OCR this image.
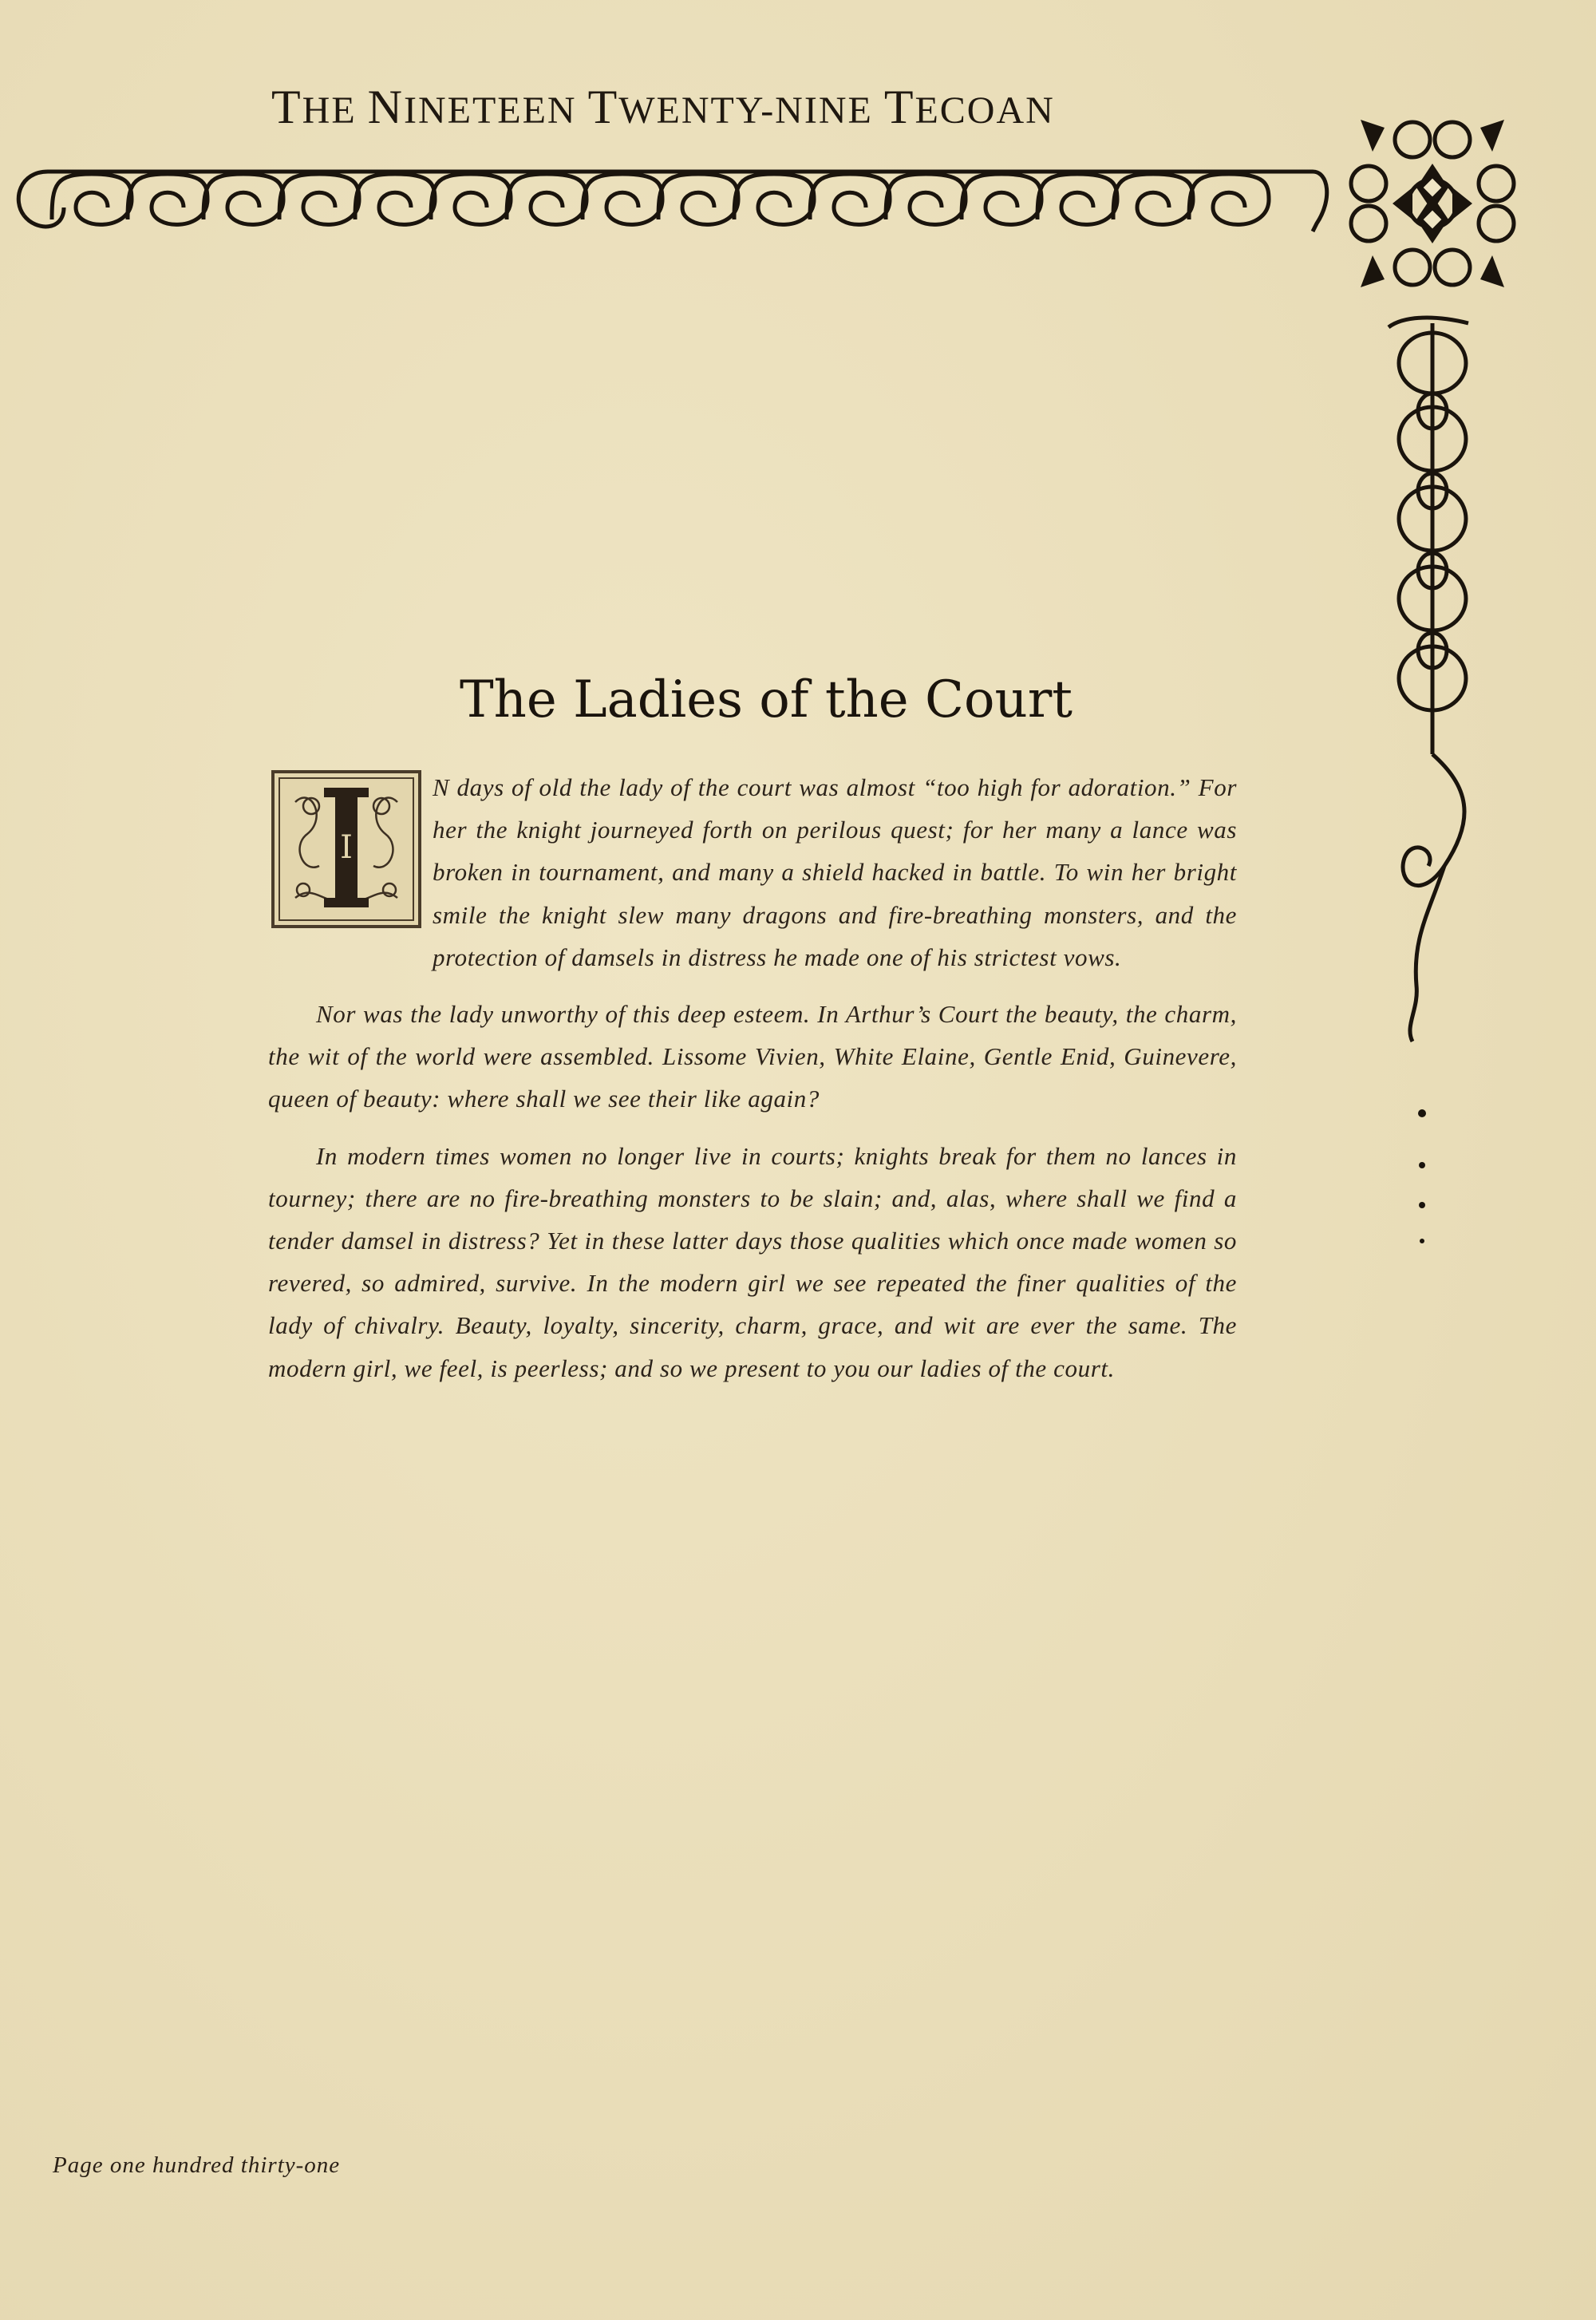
THE NINETEEN TWENTY-NINE TECOAN
The Ladies of the Court

N days of old the lady of the court was almost “too high for adoration.” For her the knight journeyed forth on perilous quest; for her many a lance was broken in tournament, and many a shield hacked in battle. To win her bright smile the knight slew many dragons and fire-breathing monsters, and the protection of damsels in distress he made one of his strictest vows.

Nor was the lady unworthy of this deep esteem. In Arthur’s Court the beauty, the charm, the wit of the world were assembled. Lissome Vivien, White Elaine, Gentle Enid, Guinevere, queen of beauty: where shall we see their like again?

In modern times women no longer live in courts; knights break for them no lances in tourney; there are no fire-breathing monsters to be slain; and, alas, where shall we find a tender damsel in distress? Yet in these latter days those qualities which once made women so revered, so admired, survive. In the modern girl we see repeated the finer qualities of the lady of chivalry. Beauty, loyalty, sincerity, charm, grace, and wit are ever the same. The modern girl, we feel, is peerless; and so we present to you our ladies of the court.

I
Page one hundred thirty-one
